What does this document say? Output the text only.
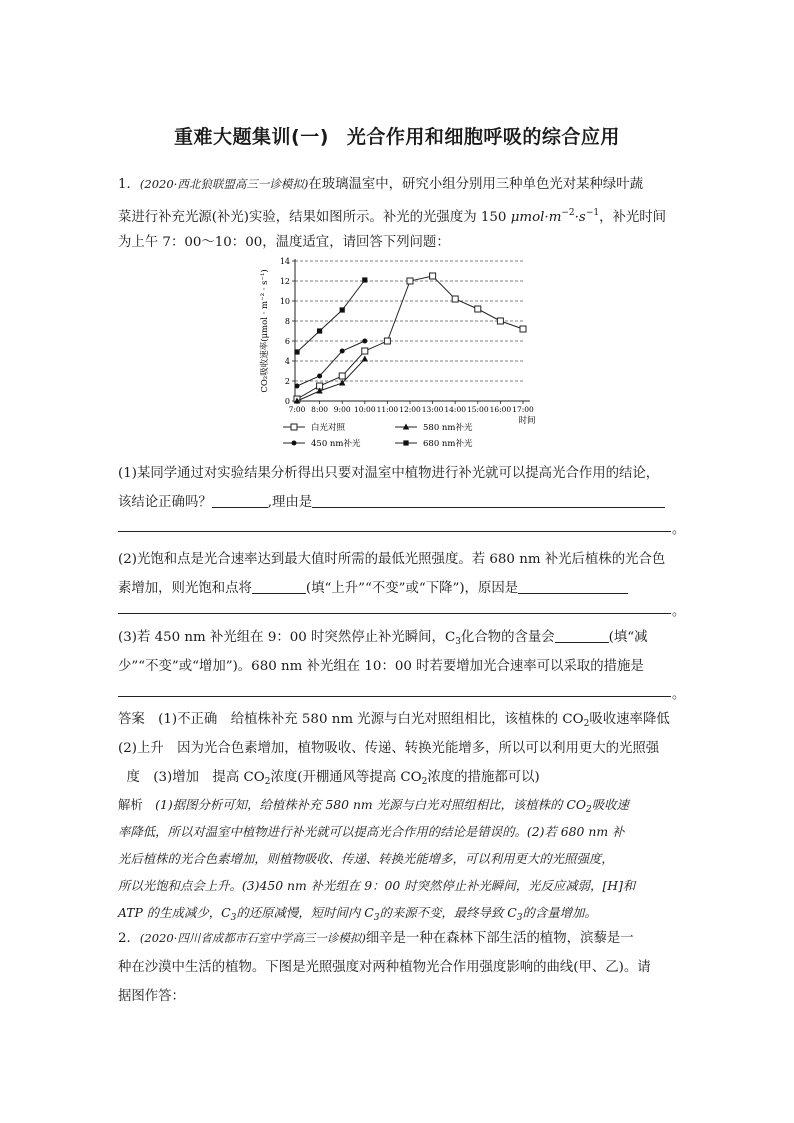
重难大题集训(一) 光合作用和细胞呼吸的综合应用
1．(2020·西北狼联盟高三一诊模拟)在玻璃温室中，研究小组分别用三种单色光对某种绿叶蔬
菜进行补充光源(补光)实验，结果如图所示。补光的光强度为 150 $\mu mol\cdot m^{-2}\cdot s^{-1}$，补光时间
为上午 7：00～10：00，温度适宜，请回答下列问题：
0
2
4
6
8
10
12
14
7:00 8:00 9:00 10:00 11:00 12:00 13:00 14:00 15:00 16:00 17:00
CO₂吸收速率(μmol · m⁻² · s⁻¹)
时间
白光对照	580 nm补光
450 nm补光	680 nm补光
(1)某同学通过对实验结果分析得出只要对温室中植物进行补光就可以提高光合作用的结论，
该结论正确吗？	,理由是
。
(2)光饱和点是光合速率达到最大值时所需的最低光照强度。若 680 nm 补光后植株的光合色
素增加，则光饱和点将	(填“上升”“不变”或“下降”)，原因是
。
(3)若 450 nm 补光组在 9：00 时突然停止补光瞬间，$C_3$化合物的含量会	(填“减
少”“不变”或“增加”)。680 nm 补光组在 10：00 时若要增加光合速率可以采取的措施是
。
答案　 (1)不正确　给植株补充 580 nm 光源与白光对照组相比，该植株的 $CO_2$吸收速率降低
(2)上升　因为光合色素增加，植物吸收、传递、转换光能增多，所以可以利用更大的光照强
度　(3)增加　提高 $CO_2$浓度(开棚通风等提高 $CO_2$浓度的措施都可以)
解析　 (1)据图分析可知，给植株补充 580 nm 光源与白光对照组相比，该植株的 $CO_2$吸收速
率降低，所以对温室中植物进行补光就可以提高光合作用的结论是错误的。(2)若 680 nm 补
光后植株的光合色素增加，则植物吸收、传递、转换光能增多，可以利用更大的光照强度，
所以光饱和点会上升。(3)450 nm 补光组在 9：00 时突然停止补光瞬间，光反应减弱，[H]和
ATP 的生成减少，$C_3$的还原减慢，短时间内 $C_3$的来源不变，最终导致 $C_3$的含量增加。
2．(2020·四川省成都市石室中学高三一诊模拟)细辛是一种在森林下部生活的植物，滨藜是一
种在沙漠中生活的植物。下图是光照强度对两种植物光合作用强度影响的曲线(甲、乙)。请
据图作答：
